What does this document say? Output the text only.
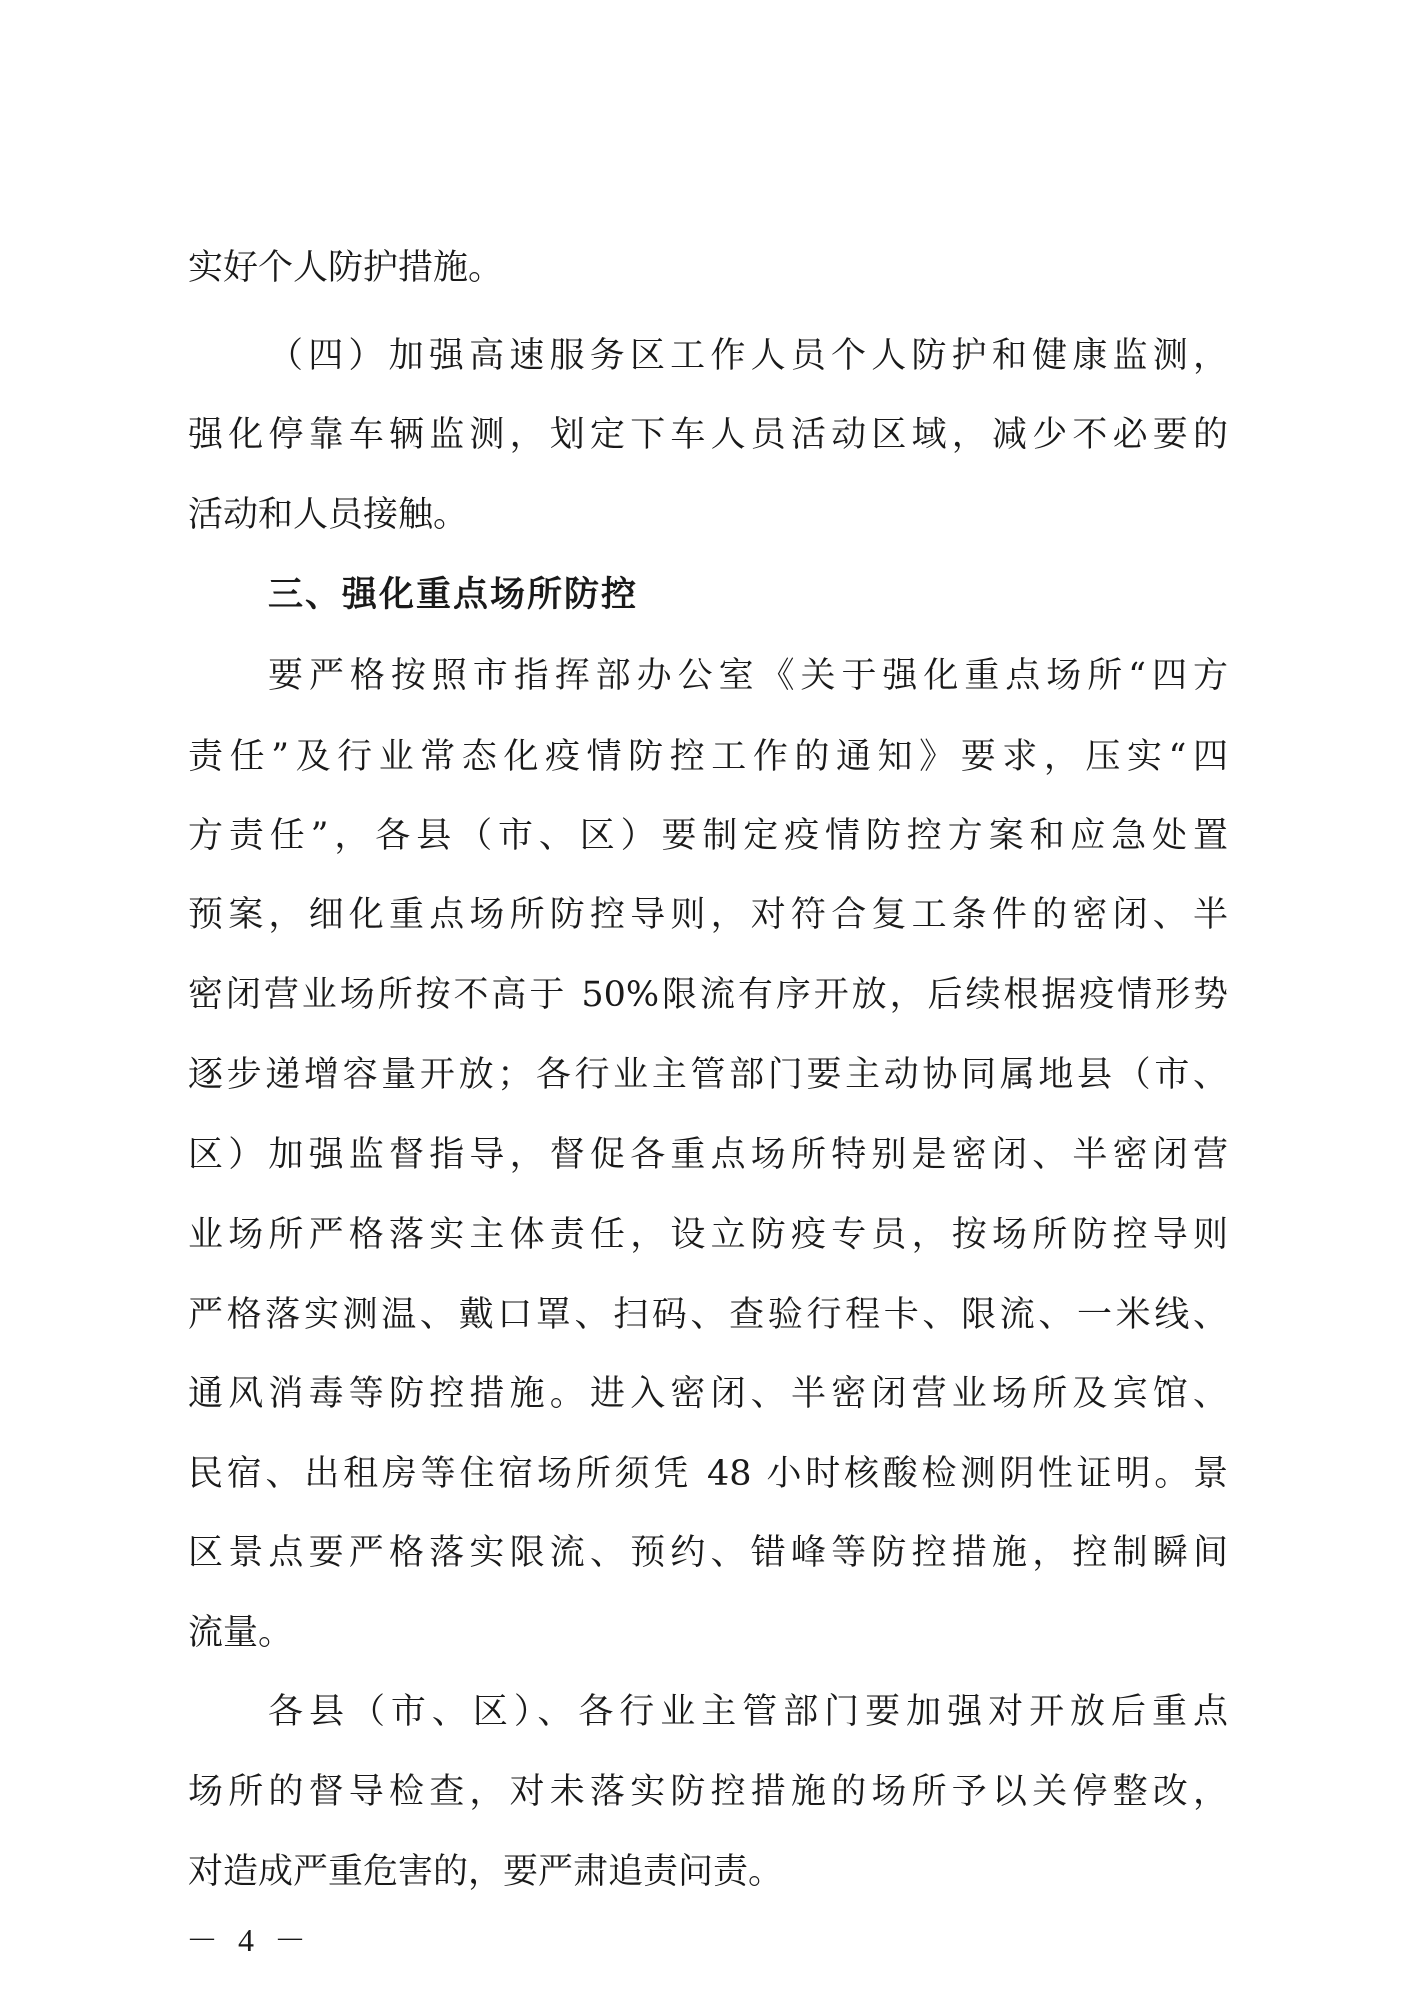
实好个人防护措施。
（四）加强高速服务区工作人员个人防护和健康监测，
强化停靠车辆监测，划定下车人员活动区域，减少不必要的
活动和人员接触。
三、强化重点场所防控
要严格按照市指挥部办公室《关于强化重点场所“四方
责任”及行业常态化疫情防控工作的通知》要求，压实“四
方责任”，各县（市、区）要制定疫情防控方案和应急处置
预案，细化重点场所防控导则，对符合复工条件的密闭、半
密闭营业场所按不高于 50%限流有序开放，后续根据疫情形势
逐步递增容量开放；各行业主管部门要主动协同属地县（市、
区）加强监督指导，督促各重点场所特别是密闭、半密闭营
业场所严格落实主体责任，设立防疫专员，按场所防控导则
严格落实测温、戴口罩、扫码、查验行程卡、限流、一米线、
通风消毒等防控措施。进入密闭、半密闭营业场所及宾馆、
民宿、出租房等住宿场所须凭 48 小时核酸检测阴性证明。景
区景点要严格落实限流、预约、错峰等防控措施，控制瞬间
流量。
各县（市、区）、各行业主管部门要加强对开放后重点
场所的督导检查，对未落实防控措施的场所予以关停整改，
对造成严重危害的，要严肃追责问责。
－ 4 －
